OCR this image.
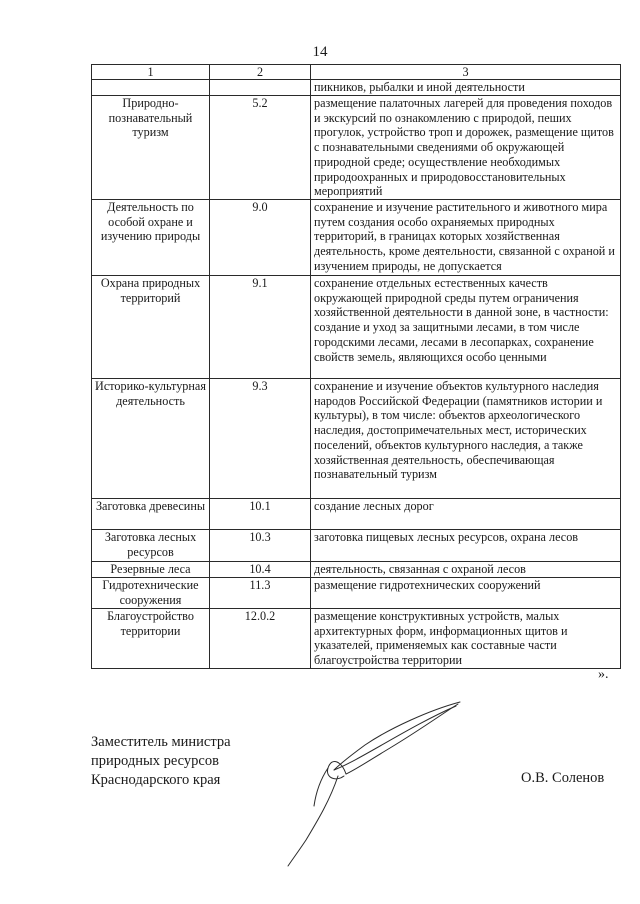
14
1	2	3
		пикников, рыбалки и иной деятельности
Природно-познавательный туризм	5.2	размещение палаточных лагерей для проведения походов и экскурсий по ознакомлению с природой, пеших прогулок, устройство троп и дорожек, размещение щитов с познавательными сведениями об окружающей природной среде; осуществление необходимых природоохранных и природовосстановительных мероприятий
Деятельность по особой охране и изучению природы	9.0	сохранение и изучение растительного и животного мира путем создания особо охраняемых природных территорий, в границах которых хозяйственная деятельность, кроме деятельности, связанной с охраной и изучением природы, не допускается
Охрана природных территорий	9.1	сохранение отдельных естественных качеств окружающей природной среды путем ограничения хозяйственной деятельности в данной зоне, в частности: создание и уход за защитными лесами, в том числе городскими лесами, лесами в лесопарках, сохранение свойств земель, являющихся особо ценными
Историко-культурная деятельность	9.3	сохранение и изучение объектов культурного наследия народов Российской Федерации (памятников истории и культуры), в том числе: объектов археологического наследия, достопримечательных мест, исторических поселений, объектов культурного наследия, а также хозяйственная деятельность, обеспечивающая познавательный туризм
Заготовка древесины	10.1	создание лесных дорог
Заготовка лесных ресурсов	10.3	заготовка пищевых лесных ресурсов, охрана лесов
Резервные леса	10.4	деятельность, связанная с охраной лесов
Гидротехнические сооружения	11.3	размещение гидротехнических сооружений
Благоустройство территории	12.0.2	размещение конструктивных устройств, малых архитектурных форм, информационных щитов и указателей, применяемых как составные части благоустройства территории
».
Заместитель министра
природных ресурсов
Краснодарского края	О.В. Соленов
